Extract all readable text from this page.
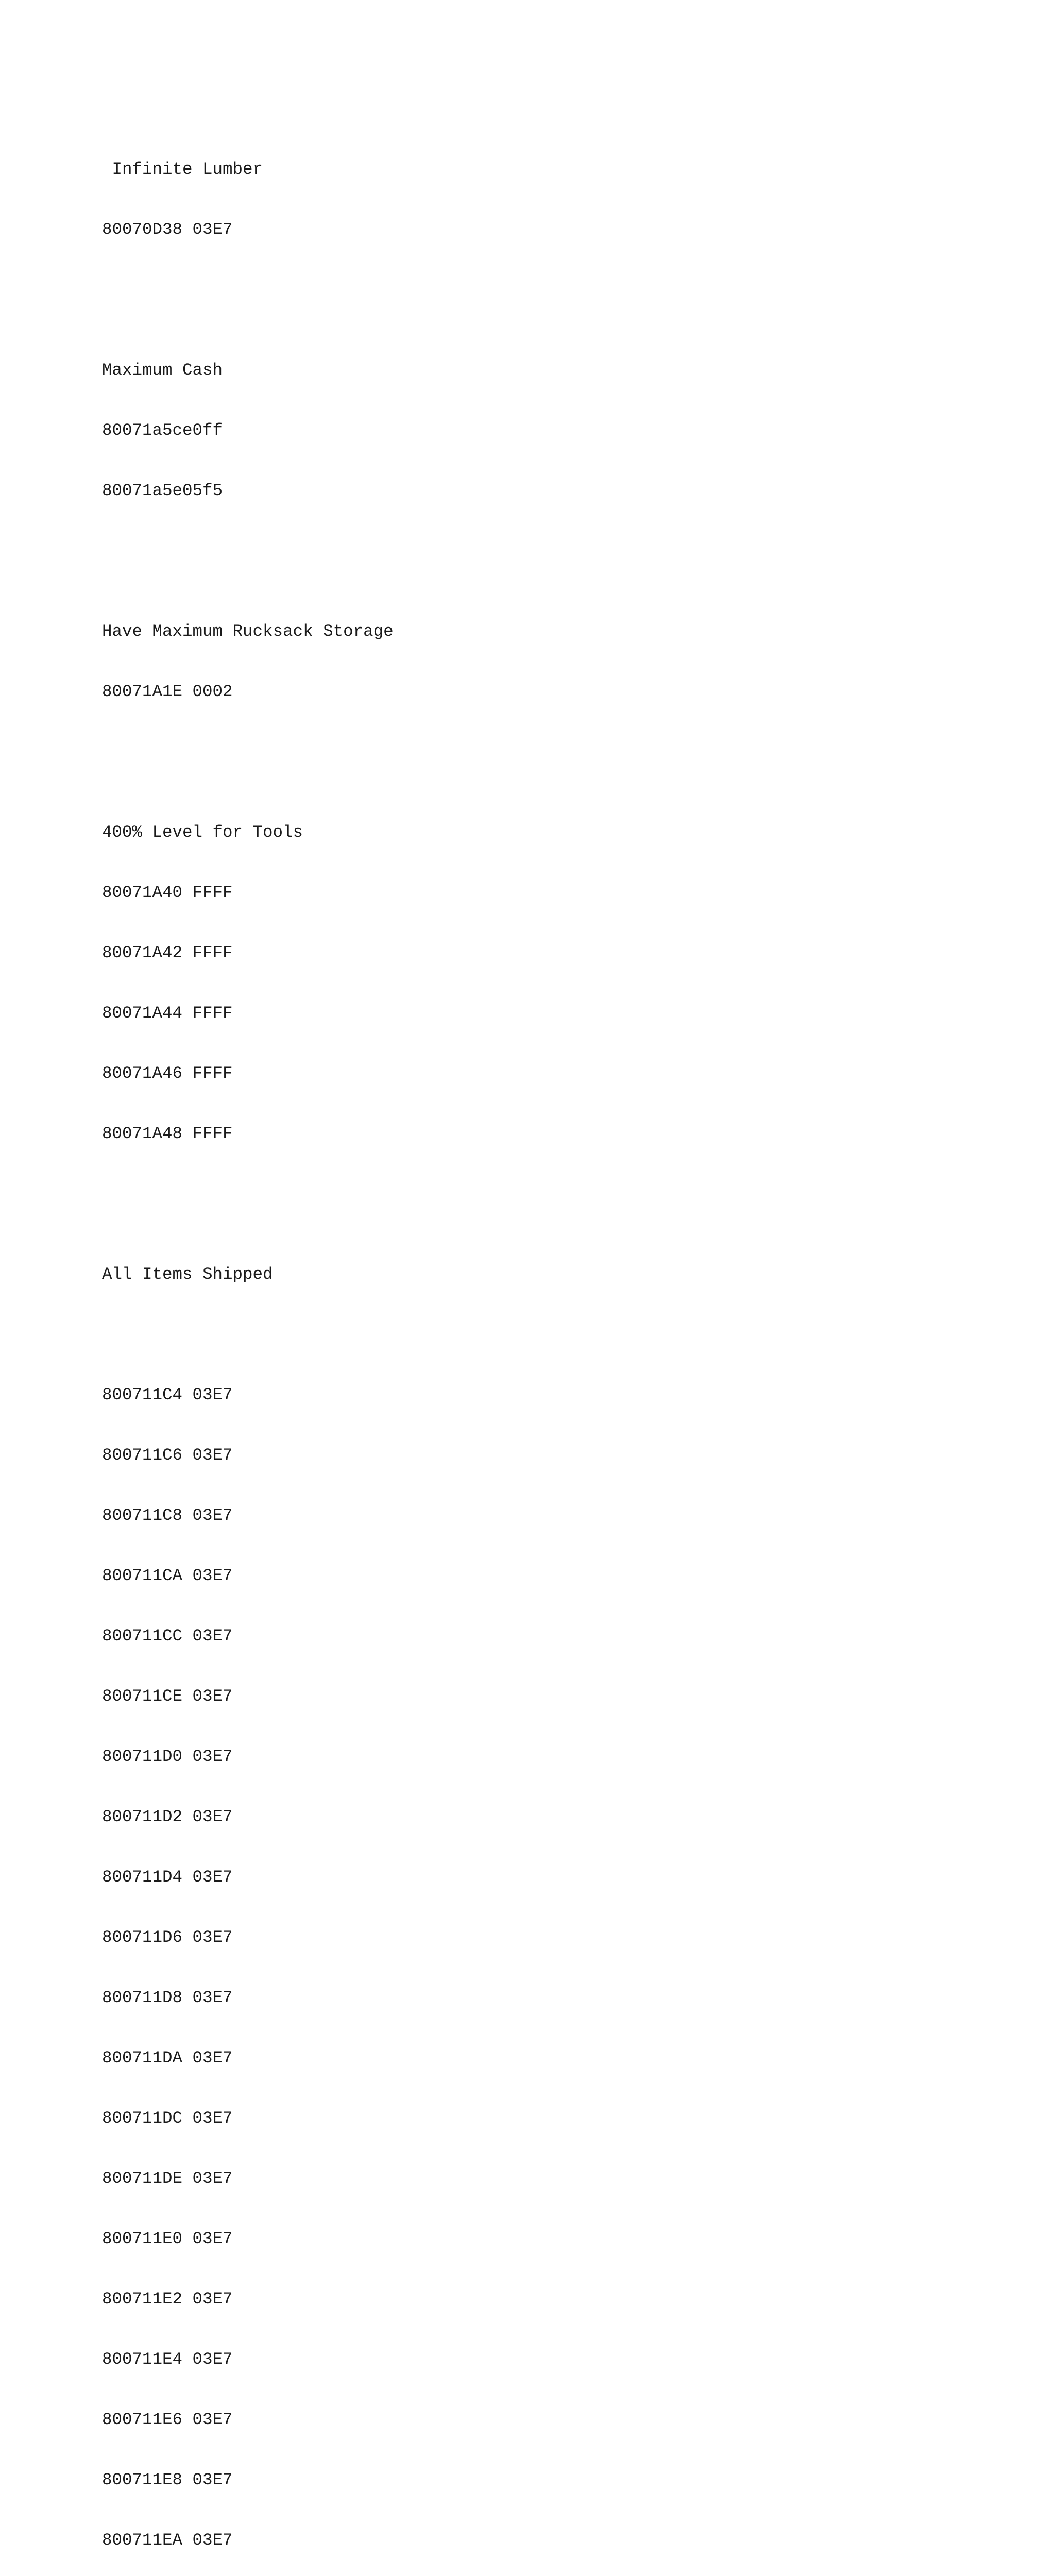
Infinite Lumber

80070D38 03E7

Maximum Cash

80071a5ce0ff

80071a5e05f5

Have Maximum Rucksack Storage

80071A1E 0002

400% Level for Tools

80071A40 FFFF

80071A42 FFFF

80071A44 FFFF

80071A46 FFFF

80071A48 FFFF

All Items Shipped

800711C4 03E7

800711C6 03E7

800711C8 03E7

800711CA 03E7

800711CC 03E7

800711CE 03E7

800711D0 03E7

800711D2 03E7

800711D4 03E7

800711D6 03E7

800711D8 03E7

800711DA 03E7

800711DC 03E7

800711DE 03E7

800711E0 03E7

800711E2 03E7

800711E4 03E7

800711E6 03E7

800711E8 03E7

800711EA 03E7
